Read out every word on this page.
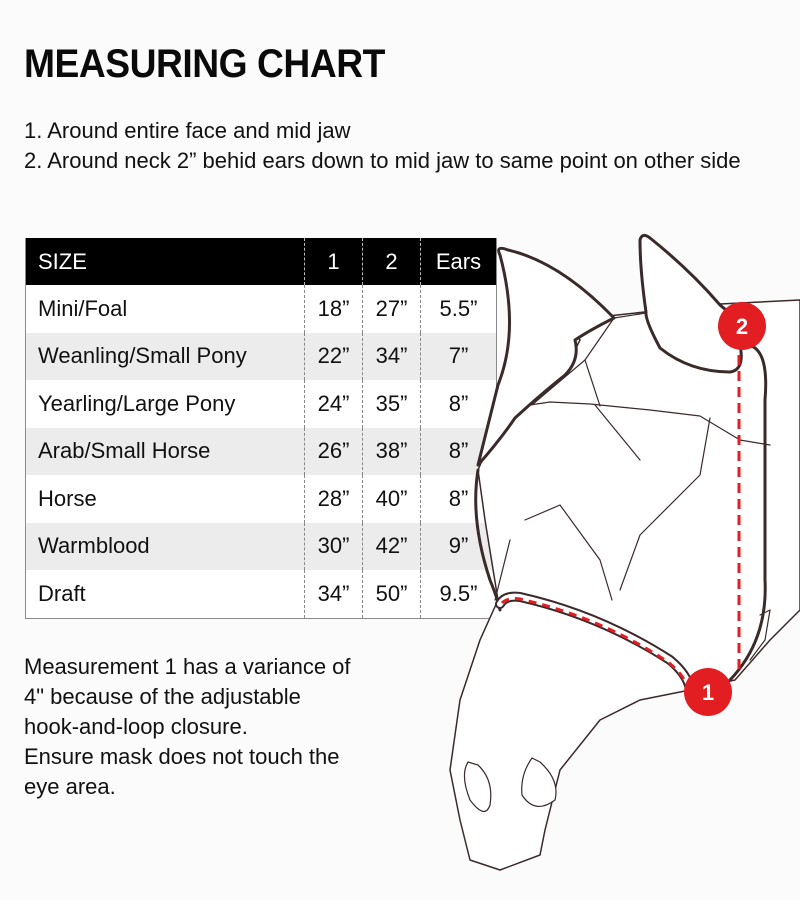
MEASURING CHART
1. Around entire face and mid jaw
2. Around neck 2” behid ears down to mid jaw to same point on other side
SIZE	1	2	Ears
Mini/Foal	18”	27”	5.5”
Weanling/Small Pony	22”	34”	7”
Yearling/Large Pony	24”	35”	8”
Arab/Small Horse	26”	38”	8”
Horse	28”	40”	8”
Warmblood	30”	42”	9”
Draft	34”	50”	9.5”
Measurement 1 has a variance of
4" because of the adjustable
hook-and-loop closure.
Ensure mask does not touch the
eye area.
2
1
